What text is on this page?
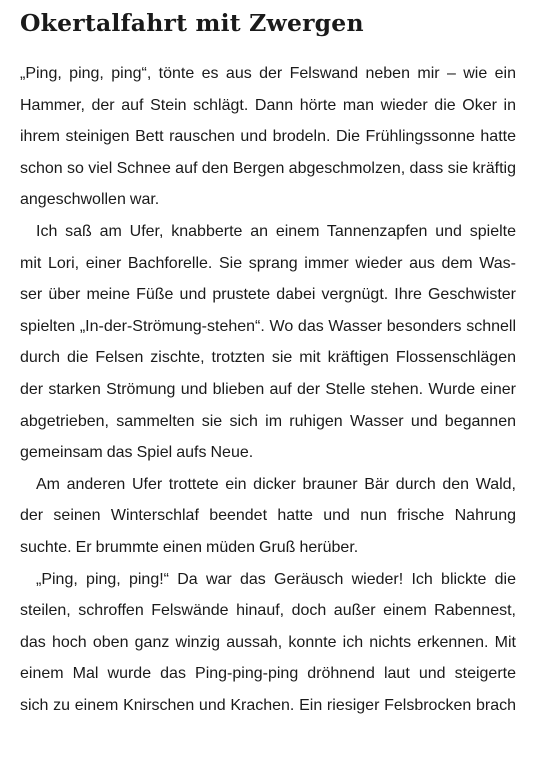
Okertalfahrt mit Zwergen

„Ping, ping, ping“, tönte es aus der Felswand neben mir – wie ein
Hammer, der auf Stein schlägt. Dann hörte man wieder die Oker in
ihrem steinigen Bett rauschen und brodeln. Die Frühlingssonne hatte
schon so viel Schnee auf den Bergen abgeschmolzen, dass sie kräftig
angeschwollen war.

Ich saß am Ufer, knabberte an einem Tannenzapfen und spielte
mit Lori, einer Bachforelle. Sie sprang immer wieder aus dem Was-
ser über meine Füße und prustete dabei vergnügt. Ihre Geschwister
spielten „In-der-Strömung-stehen“. Wo das Wasser besonders schnell
durch die Felsen zischte, trotzten sie mit kräftigen Flossenschlägen
der starken Strömung und blieben auf der Stelle stehen. Wurde einer
abgetrieben, sammelten sie sich im ruhigen Wasser und begannen
gemeinsam das Spiel aufs Neue.

Am anderen Ufer trottete ein dicker brauner Bär durch den Wald,
der seinen Winterschlaf beendet hatte und nun frische Nahrung
suchte. Er brummte einen müden Gruß herüber.

„Ping, ping, ping!“ Da war das Geräusch wieder! Ich blickte die
steilen, schroffen Felswände hinauf, doch außer einem Rabennest,
das hoch oben ganz winzig aussah, konnte ich nichts erkennen. Mit
einem Mal wurde das Ping-ping-ping dröhnend laut und steigerte
sich zu einem Knirschen und Krachen. Ein riesiger Felsbrocken brach
